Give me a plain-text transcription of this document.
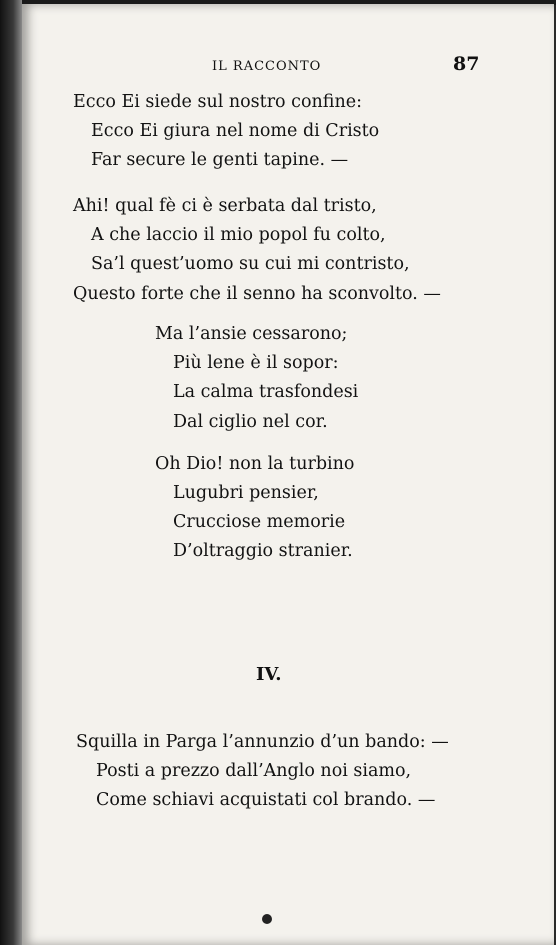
IL RACCONTO	87
Ecco Ei siede sul nostro confine:
Ecco Ei giura nel nome di Cristo
Far secure le genti tapine. —
Ahi! qual fè ci è serbata dal tristo,
A che laccio il mio popol fu colto,
Sa’l quest’uomo su cui mi contristo,
Questo forte che il senno ha sconvolto. —
Ma l’ansie cessarono;
Più lene è il sopor:
La calma trasfondesi
Dal ciglio nel cor.
Oh Dio! non la turbino
Lugubri pensier,
Crucciose memorie
D’oltraggio stranier.
IV.
Squilla in Parga l’annunzio d’un bando: —
Posti a prezzo dall’Anglo noi siamo,
Come schiavi acquistati col brando. —
